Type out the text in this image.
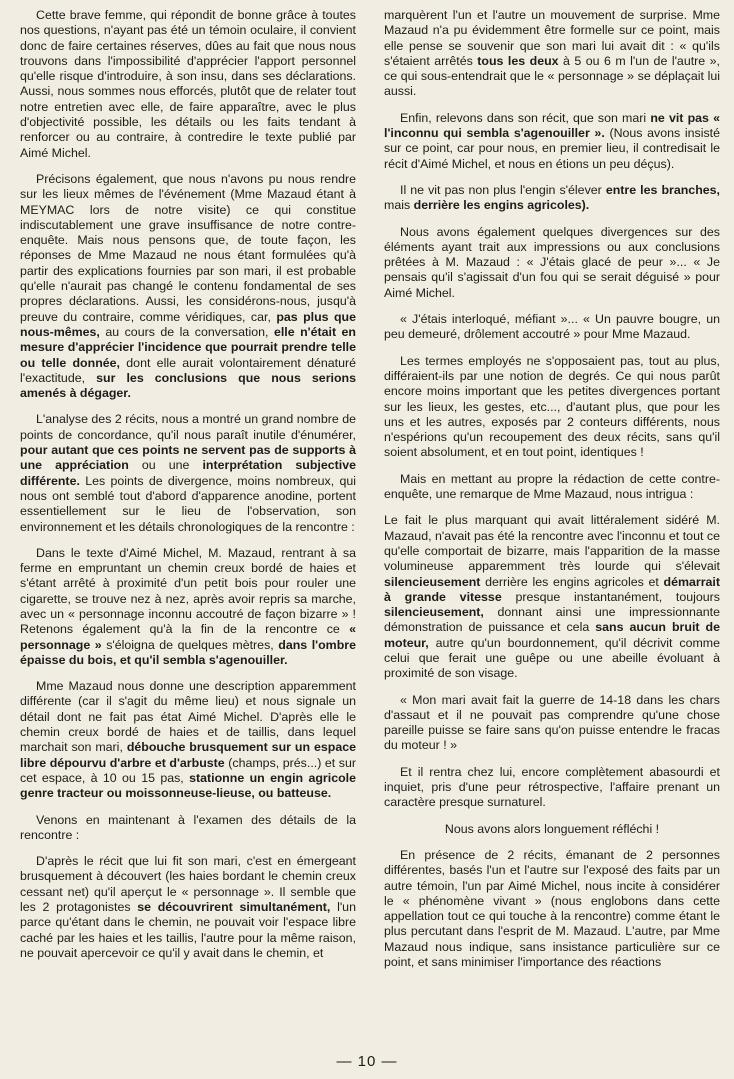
Cette brave femme, qui répondit de bonne grâce à toutes nos questions, n'ayant pas été un témoin oculaire, il convient donc de faire certaines réserves, dûes au fait que nous nous trouvons dans l'impossibilité d'apprécier l'apport personnel qu'elle risque d'introduire, à son insu, dans ses déclarations. Aussi, nous sommes nous efforcés, plutôt que de relater tout notre entretien avec elle, de faire apparaître, avec le plus d'objectivité possible, les détails ou les faits tendant à renforcer ou au contraire, à contredire le texte publié par Aimé Michel.

Précisons également, que nous n'avons pu nous rendre sur les lieux mêmes de l'événement (Mme Mazaud étant à MEYMAC lors de notre visite) ce qui constitue indiscutablement une grave insuffisance de notre contre-enquête. Mais nous pensons que, de toute façon, les réponses de Mme Mazaud ne nous étant formulées qu'à partir des explications fournies par son mari, il est probable qu'elle n'aurait pas changé le contenu fondamental de ses propres déclarations. Aussi, les considérons-nous, jusqu'à preuve du contraire, comme véridiques, car, pas plus que nous-mêmes, au cours de la conversation, elle n'était en mesure d'apprécier l'incidence que pourrait prendre telle ou telle donnée, dont elle aurait volontairement dénaturé l'exactitude, sur les conclusions que nous serions amenés à dégager.

L'analyse des 2 récits, nous a montré un grand nombre de points de concordance, qu'il nous paraît inutile d'énumérer, pour autant que ces points ne servent pas de supports à une appréciation ou une interprétation subjective différente. Les points de divergence, moins nombreux, qui nous ont semblé tout d'abord d'apparence anodine, portent essentiellement sur le lieu de l'observation, son environnement et les détails chronologiques de la rencontre :

Dans le texte d'Aimé Michel, M. Mazaud, rentrant à sa ferme en empruntant un chemin creux bordé de haies et s'étant arrêté à proximité d'un petit bois pour rouler une cigarette, se trouve nez à nez, après avoir repris sa marche, avec un « personnage inconnu accoutré de façon bizarre » ! Retenons également qu'à la fin de la rencontre ce « personnage » s'éloigna de quelques mètres, dans l'ombre épaisse du bois, et qu'il sembla s'agenouiller.

Mme Mazaud nous donne une description apparemment différente (car il s'agit du même lieu) et nous signale un détail dont ne fait pas état Aimé Michel. D'après elle le chemin creux bordé de haies et de taillis, dans lequel marchait son mari, débouche brusquement sur un espace libre dépourvu d'arbre et d'arbuste (champs, prés...) et sur cet espace, à 10 ou 15 pas, stationne un engin agricole genre tracteur ou moissonneuse-lieuse, ou batteuse.

Venons en maintenant à l'examen des détails de la rencontre :

D'après le récit que lui fit son mari, c'est en émergeant brusquement à découvert (les haies bordant le chemin creux cessant net) qu'il aperçut le « personnage ». Il semble que les 2 protagonistes se découvrirent simultanément, l'un parce qu'étant dans le chemin, ne pouvait voir l'espace libre caché par les haies et les taillis, l'autre pour la même raison, ne pouvait apercevoir ce qu'il y avait dans le chemin, et

marquèrent l'un et l'autre un mouvement de surprise. Mme Mazaud n'a pu évidemment être formelle sur ce point, mais elle pense se souvenir que son mari lui avait dit : « qu'ils s'étaient arrêtés tous les deux à 5 ou 6 m l'un de l'autre », ce qui sous-entendrait que le « personnage » se déplaçait lui aussi.

Enfin, relevons dans son récit, que son mari ne vit pas « l'inconnu qui sembla s'agenouiller ». (Nous avons insisté sur ce point, car pour nous, en premier lieu, il contredisait le récit d'Aimé Michel, et nous en étions un peu déçus).

Il ne vit pas non plus l'engin s'élever entre les branches, mais derrière les engins agricoles).

Nous avons également quelques divergences sur des éléments ayant trait aux impressions ou aux conclusions prêtées à M. Mazaud : « J'étais glacé de peur »... « Je pensais qu'il s'agissait d'un fou qui se serait déguisé » pour Aimé Michel.

« J'étais interloqué, méfiant »... « Un pauvre bougre, un peu demeuré, drôlement accoutré » pour Mme Mazaud.

Les termes employés ne s'opposaient pas, tout au plus, différaient-ils par une notion de degrés. Ce qui nous parût encore moins important que les petites divergences portant sur les lieux, les gestes, etc..., d'autant plus, que pour les uns et les autres, exposés par 2 conteurs différents, nous n'espérions qu'un recoupement des deux récits, sans qu'il soient absolument, et en tout point, identiques !

Mais en mettant au propre la rédaction de cette contre-enquête, une remarque de Mme Mazaud, nous intrigua :

Le fait le plus marquant qui avait littéralement sidéré M. Mazaud, n'avait pas été la rencontre avec l'inconnu et tout ce qu'elle comportait de bizarre, mais l'apparition de la masse volumineuse apparemment très lourde qui s'élevait silencieusement derrière les engins agricoles et démarrait à grande vitesse presque instantanément, toujours silencieusement, donnant ainsi une impressionnante démonstration de puissance et cela sans aucun bruit de moteur, autre qu'un bourdonnement, qu'il décrivit comme celui que ferait une guêpe ou une abeille évoluant à proximité de son visage.

« Mon mari avait fait la guerre de 14-18 dans les chars d'assaut et il ne pouvait pas comprendre qu'une chose pareille puisse se faire sans qu'on puisse entendre le fracas du moteur ! »

Et il rentra chez lui, encore complètement abasourdi et inquiet, pris d'une peur rétrospective, l'affaire prenant un caractère presque surnaturel.

Nous avons alors longuement réfléchi !

En présence de 2 récits, émanant de 2 personnes différentes, basés l'un et l'autre sur l'exposé des faits par un autre témoin, l'un par Aimé Michel, nous incite à considérer le « phénomène vivant » (nous englobons dans cette appellation tout ce qui touche à la rencontre) comme étant le plus percutant dans l'esprit de M. Mazaud. L'autre, par Mme Mazaud nous indique, sans insistance particulière sur ce point, et sans minimiser l'importance des réactions

— 10 —
